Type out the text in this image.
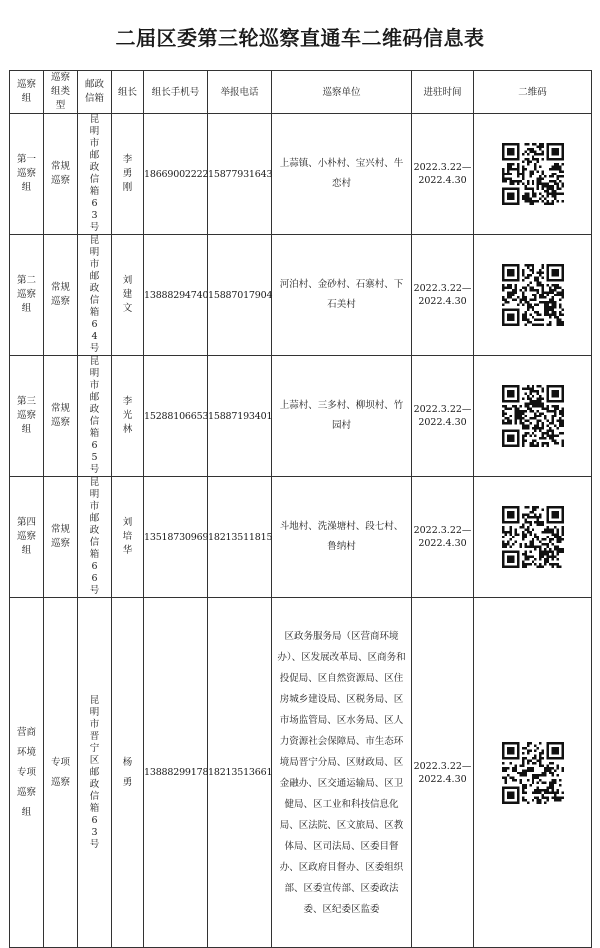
二届区委第三轮巡察直通车二维码信息表
巡察组	巡察组类型	邮政信箱	组长	组长手机号	举报电话	巡察单位	进驻时间	二维码

第一巡察组	常规巡察	昆明市邮政信箱63号	李勇刚	18669002222	15877931643	上蒜镇、小朴村、宝兴村、牛恋村	2022.3.22—
2022.4.30

第二巡察组	常规巡察	昆明市邮政信箱64号	刘建文	13888294740	15887017904	河泊村、金砂村、石寨村、下石美村	2022.3.22—
2022.4.30

第三巡察组	常规巡察	昆明市邮政信箱65号	李光林	15288106653	15887193401	上蒜村、三多村、柳坝村、竹园村	2022.3.22—
2022.4.30

第四巡察组	常规巡察	昆明市邮政信箱66号	刘培华	13518730969	18213511815	斗地村、洗澡塘村、段七村、鲁纳村	2022.3.22—
2022.4.30

营商环境专项巡察组	专项巡察	昆明市晋宁区邮政信箱63号	杨勇	13888299178	18213513661	区政务服务局（区营商环境办）、区发展改革局、区商务和投促局、区自然资源局、区住房城乡建设局、区税务局、区市场监管局、区水务局、区人力资源社会保障局、市生态环境局晋宁分局、区财政局、区金融办、区交通运输局、区卫健局、区工业和科技信息化局、区法院、区文旅局、区教体局、区司法局、区委目督办、区政府目督办、区委组织部、区委宣传部、区委政法委、区纪委区监委	2022.3.22—
2022.4.30
